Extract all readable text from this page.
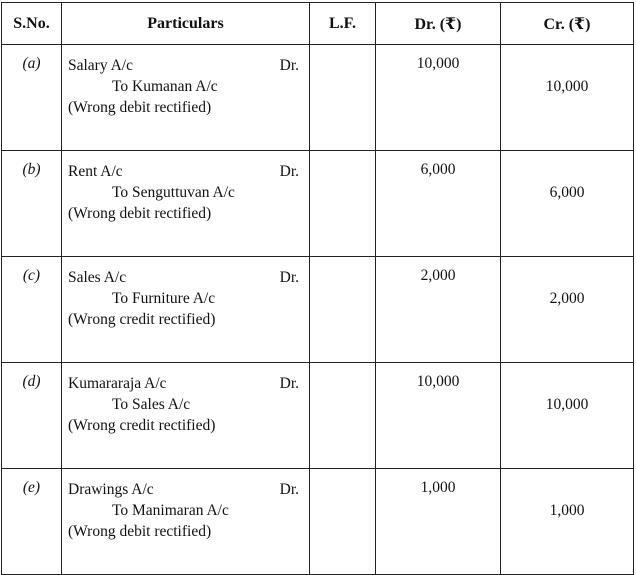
S.No.	Particulars	L.F.	Dr. (₹)	Cr. (₹)
(a)	Salary A/c Dr.
To Kumanan A/c
(Wrong debit rectified)		10,000	10,000
(b)	Rent A/c Dr.
To Senguttuvan A/c
(Wrong debit rectified)		6,000	6,000
(c)	Sales A/c Dr.
To Furniture A/c
(Wrong credit rectified)		2,000	2,000
(d)	Kumararaja A/c Dr.
To Sales A/c
(Wrong credit rectified)		10,000	10,000
(e)	Drawings A/c Dr.
To Manimaran A/c
(Wrong debit rectified)		1,000	1,000
